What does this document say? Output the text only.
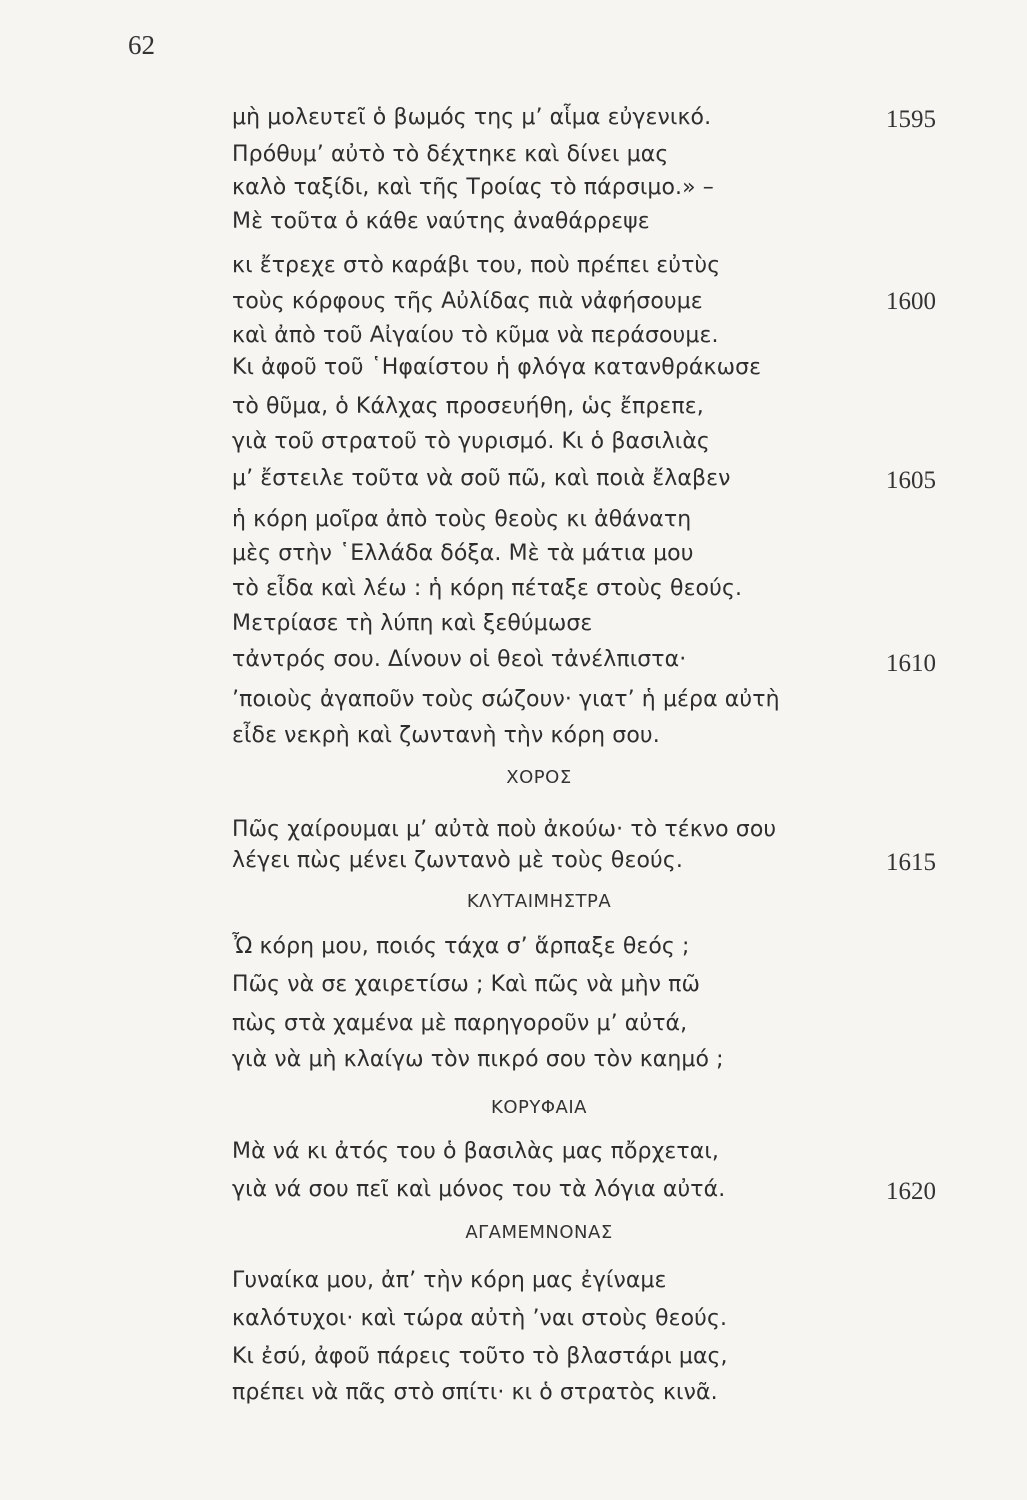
62
μὴ μολευτεῖ ὁ βωμός της μ’ αἷμα εὐγενικό.	1595
Πρόθυμ’ αὐτὸ τὸ δέχτηκε καὶ δίνει μας
καλὸ ταξίδι, καὶ τῆς Τροίας τὸ πάρσιμο.» –
Μὲ τοῦτα ὁ κάθε ναύτης ἀναθάρρεψε
κι ἔτρεχε στὸ καράβι του, ποὺ πρέπει εὐτὺς
τοὺς κόρφους τῆς Αὐλίδας πιὰ νἀφήσουμε	1600
καὶ ἀπὸ τοῦ Αἰγαίου τὸ κῦμα νὰ περάσουμε.
Κι ἀφοῦ τοῦ ῾Ηφαίστου ἡ φλόγα κατανθράκωσε
τὸ θῦμα, ὁ Κάλχας προσευήθη, ὡς ἔπρεπε,
γιὰ τοῦ στρατοῦ τὸ γυρισμό. Κι ὁ βασιλιὰς
μ’ ἔστειλε τοῦτα νὰ σοῦ πῶ, καὶ ποιὰ ἔλαβεν	1605
ἡ κόρη μοῖρα ἀπὸ τοὺς θεοὺς κι ἀθάνατη
μὲς στὴν ῾Ελλάδα δόξα. Μὲ τὰ μάτια μου
τὸ εἶδα καὶ λέω : ἡ κόρη πέταξε στοὺς θεούς.
Μετρίασε τὴ λύπη καὶ ξεθύμωσε
τἀντρός σου. Δίνουν οἱ θεοὶ τἀνέλπιστα·	1610
’ποιοὺς ἀγαποῦν τοὺς σώζουν· γιατ’ ἡ μέρα αὐτὴ
εἶδε νεκρὴ καὶ ζωντανὴ τὴν κόρη σου.
ΧΟΡΟΣ
Πῶς χαίρουμαι μ’ αὐτὰ ποὺ ἀκούω· τὸ τέκνο σου
λέγει πὼς μένει ζωντανὸ μὲ τοὺς θεούς.	1615
ΚΛΥΤΑΙΜΗΣΤΡΑ
Ὦ κόρη μου, ποιός τάχα σ’ ἅρπαξε θεός ;
Πῶς νὰ σε χαιρετίσω ; Καὶ πῶς νὰ μὴν πῶ
πὼς στὰ χαμένα μὲ παρηγοροῦν μ’ αὐτά,
γιὰ νὰ μὴ κλαίγω τὸν πικρό σου τὸν καημό ;
ΚΟΡΥΦΑΙΑ
Μὰ νά κι ἀτός του ὁ βασιλὰς μας πὄρχεται,
γιὰ νά σου πεῖ καὶ μόνος του τὰ λόγια αὐτά.	1620
ΑΓΑΜΕΜΝΟΝΑΣ
Γυναίκα μου, ἀπ’ τὴν κόρη μας ἐγίναμε
καλότυχοι· καὶ τώρα αὐτὴ ’ναι στοὺς θεούς.
Κι ἐσύ, ἀφοῦ πάρεις τοῦτο τὸ βλαστάρι μας,
πρέπει νὰ πᾶς στὸ σπίτι· κι ὁ στρατὸς κινᾶ.
